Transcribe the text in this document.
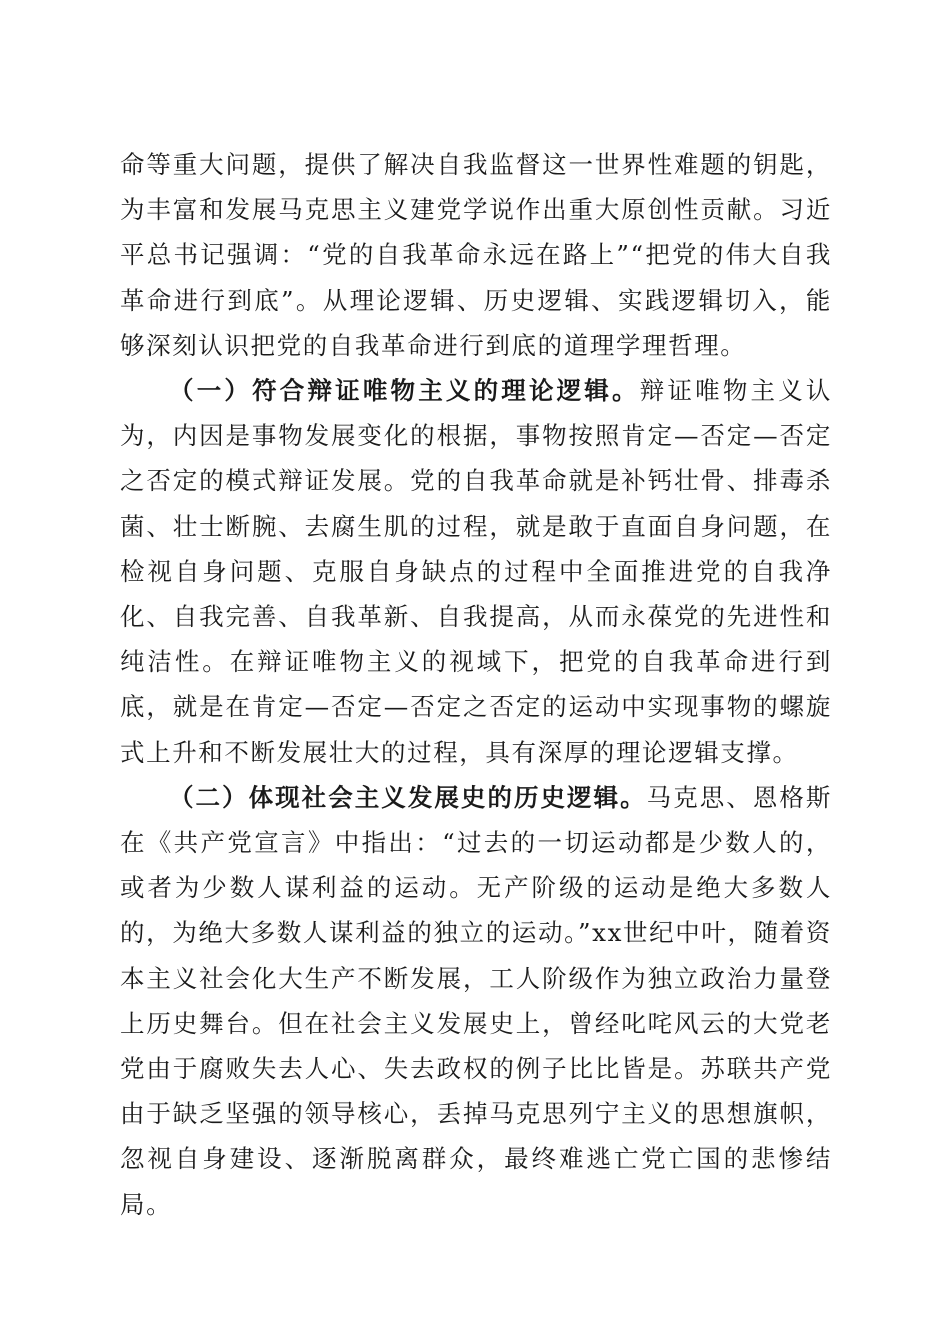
命等重大问题，提供了解决自我监督这一世界性难题的钥匙，为丰富和发展马克思主义建党学说作出重大原创性贡献。习近平总书记强调：“党的自我革命永远在路上”“把党的伟大自我革命进行到底”。从理论逻辑、历史逻辑、实践逻辑切入，能够深刻认识把党的自我革命进行到底的道理学理哲理。

（一）符合辩证唯物主义的理论逻辑。辩证唯物主义认为，内因是事物发展变化的根据，事物按照肯定—否定—否定之否定的模式辩证发展。党的自我革命就是补钙壮骨、排毒杀菌、壮士断腕、去腐生肌的过程，就是敢于直面自身问题，在检视自身问题、克服自身缺点的过程中全面推进党的自我净化、自我完善、自我革新、自我提高，从而永葆党的先进性和纯洁性。在辩证唯物主义的视域下，把党的自我革命进行到底，就是在肯定—否定—否定之否定的运动中实现事物的螺旋式上升和不断发展壮大的过程，具有深厚的理论逻辑支撑。

（二）体现社会主义发展史的历史逻辑。马克思、恩格斯在《共产党宣言》中指出：“过去的一切运动都是少数人的，或者为少数人谋利益的运动。无产阶级的运动是绝大多数人的，为绝大多数人谋利益的独立的运动。”xx世纪中叶，随着资本主义社会化大生产不断发展，工人阶级作为独立政治力量登上历史舞台。但在社会主义发展史上，曾经叱咤风云的大党老党由于腐败失去人心、失去政权的例子比比皆是。苏联共产党由于缺乏坚强的领导核心，丢掉马克思列宁主义的思想旗帜，忽视自身建设、逐渐脱离群众，最终难逃亡党亡国的悲惨结局。
